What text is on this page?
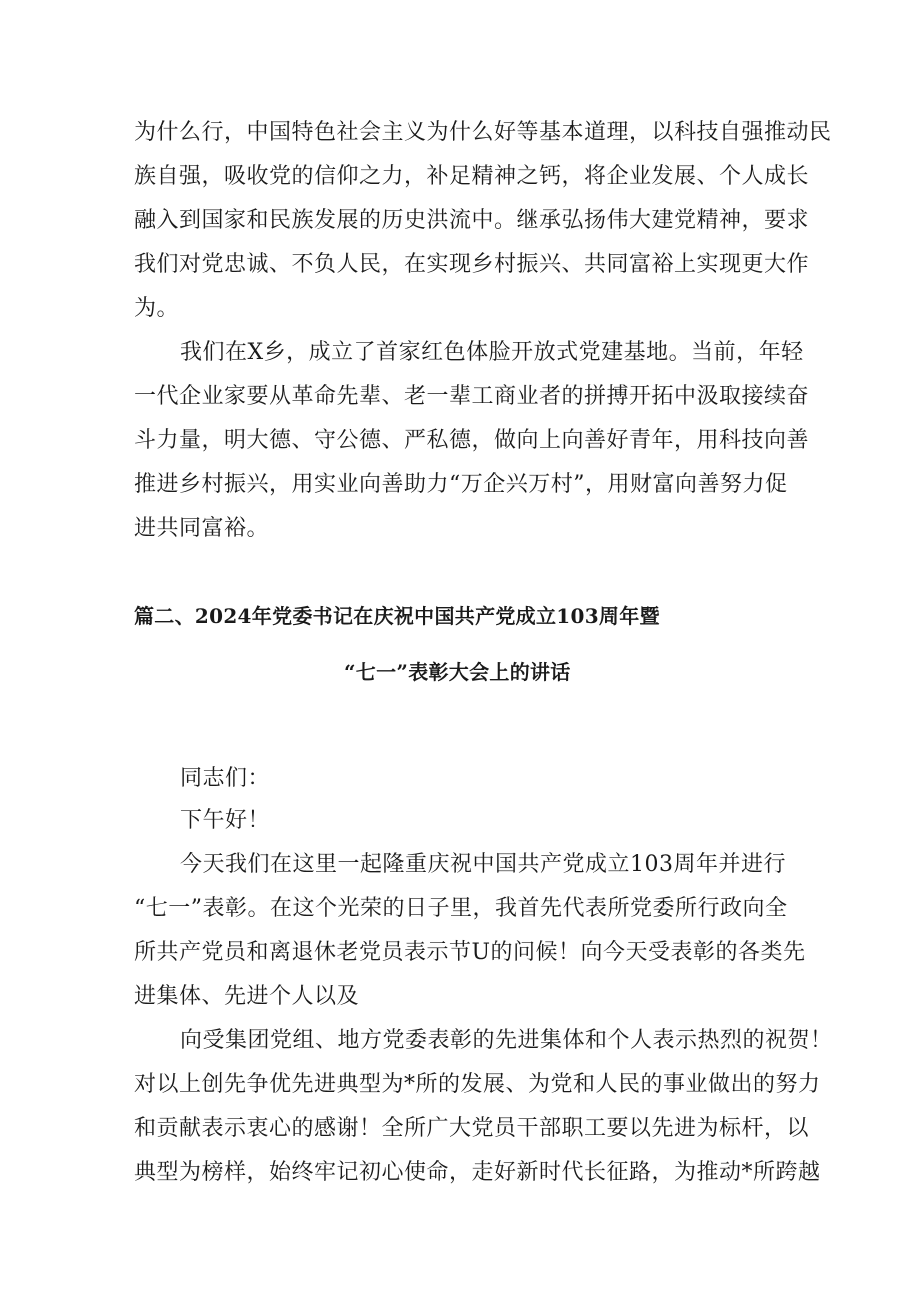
为什么行，中国特色社会主义为什么好等基本道理，以科技自强推动民
族自强，吸收党的信仰之力，补足精神之钙，将企业发展、个人成长
融入到国家和民族发展的历史洪流中。继承弘扬伟大建党精神，要求
我们对党忠诚、不负人民，在实现乡村振兴、共同富裕上实现更大作
为。
我们在X乡，成立了首家红色体脸开放式党建基地。当前，年轻
一代企业家要从革命先辈、老一辈工商业者的拼搏开拓中汲取接续奋
斗力量，明大德、守公德、严私德，做向上向善好青年，用科技向善
推进乡村振兴，用实业向善助力“万企兴万村”，用财富向善努力促
进共同富裕。
篇二、2024年党委书记在庆祝中国共产党成立103周年暨
“七一”表彰大会上的讲话
同志们：
下午好！
今天我们在这里一起隆重庆祝中国共产党成立103周年并进行
“七一”表彰。在这个光荣的日子里，我首先代表所党委所行政向全
所共产党员和离退休老党员表示节U的问候！向今天受表彰的各类先
进集体、先进个人以及
向受集团党组、地方党委表彰的先进集体和个人表示热烈的祝贺！
对以上创先争优先进典型为*所的发展、为党和人民的事业做出的努力
和贡献表示衷心的感谢！全所广大党员干部职工要以先进为标杆，以
典型为榜样，始终牢记初心使命，走好新时代长征路，为推动*所跨越
